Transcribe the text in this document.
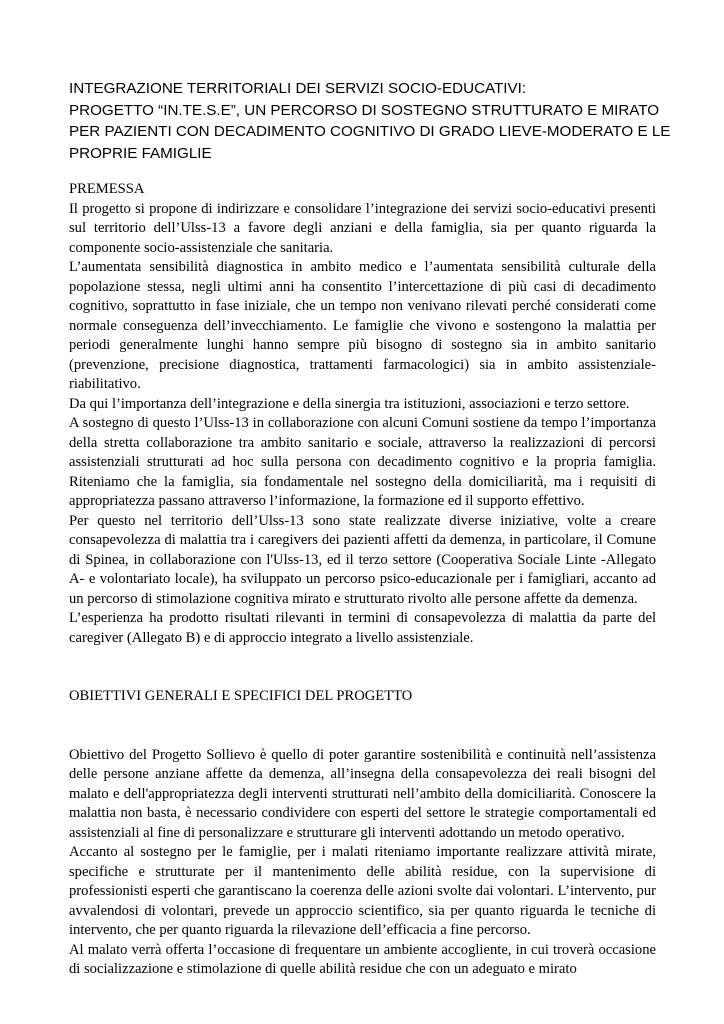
INTEGRAZIONE TERRITORIALI DEI SERVIZI SOCIO-EDUCATIVI:
PROGETTO “IN.TE.S.E”, UN PERCORSO DI SOSTEGNO STRUTTURATO E MIRATO
PER PAZIENTI CON DECADIMENTO COGNITIVO DI GRADO LIEVE-MODERATO E LE
PROPRIE FAMIGLIE
PREMESSA

Il progetto si propone di indirizzare e consolidare l’integrazione dei servizi socio-educativi presenti sul territorio dell’Ulss-13 a favore degli anziani e della famiglia, sia per quanto riguarda la componente socio-assistenziale che sanitaria.

L’aumentata sensibilità diagnostica in ambito medico e l’aumentata sensibilità culturale della popolazione stessa, negli ultimi anni ha consentito l’intercettazione di più casi di decadimento cognitivo, soprattutto in fase iniziale, che un tempo non venivano rilevati perché considerati come normale conseguenza dell’invecchiamento. Le famiglie che vivono e sostengono la malattia per periodi generalmente lunghi hanno sempre più bisogno di sostegno sia in ambito sanitario (prevenzione, precisione diagnostica, trattamenti farmacologici) sia in ambito assistenziale-riabilitativo.

Da qui l’importanza dell’integrazione e della sinergia tra istituzioni, associazioni e terzo settore.

A sostegno di questo l’Ulss-13 in collaborazione con alcuni Comuni sostiene da tempo l’importanza della stretta collaborazione tra ambito sanitario e sociale, attraverso la realizzazioni di percorsi assistenziali strutturati ad hoc sulla persona con decadimento cognitivo e la propria famiglia. Riteniamo che la famiglia, sia fondamentale nel sostegno della domiciliarità, ma i requisiti di appropriatezza passano attraverso l’informazione, la formazione ed il supporto effettivo.

Per questo nel territorio dell’Ulss-13 sono state realizzate diverse iniziative, volte a creare consapevolezza di malattia tra i caregivers dei pazienti affetti da demenza, in particolare, il Comune di Spinea, in collaborazione con l'Ulss-13, ed il terzo settore (Cooperativa Sociale Linte -Allegato A- e volontariato locale), ha sviluppato un percorso psico-educazionale per i famigliari, accanto ad un percorso di stimolazione cognitiva mirato e strutturato rivolto alle persone affette da demenza.

L’esperienza ha prodotto risultati rilevanti in termini di consapevolezza di malattia da parte del caregiver (Allegato B) e di approccio integrato a livello assistenziale.

OBIETTIVI GENERALI E SPECIFICI DEL PROGETTO

Obiettivo del Progetto Sollievo è quello di poter garantire sostenibilità e continuità nell’assistenza delle persone anziane affette da demenza, all’insegna della consapevolezza dei reali bisogni del malato e dell'appropriatezza degli interventi strutturati nell’ambito della domiciliarità. Conoscere la malattia non basta, è necessario condividere con esperti del settore le strategie comportamentali ed assistenziali al fine di personalizzare e strutturare gli interventi adottando un metodo operativo.

Accanto al sostegno per le famiglie, per i malati riteniamo importante realizzare attività mirate, specifiche e strutturate per il mantenimento delle abilità residue, con la supervisione di professionisti esperti che garantiscano la coerenza delle azioni svolte dai volontari. L’intervento, pur avvalendosi di volontari, prevede un approccio scientifico, sia per quanto riguarda le tecniche di intervento, che per quanto riguarda la rilevazione dell’efficacia a fine percorso.

Al malato verrà offerta l’occasione di frequentare un ambiente accogliente, in cui troverà occasione di socializzazione e stimolazione di quelle abilità residue che con un adeguato e mirato
